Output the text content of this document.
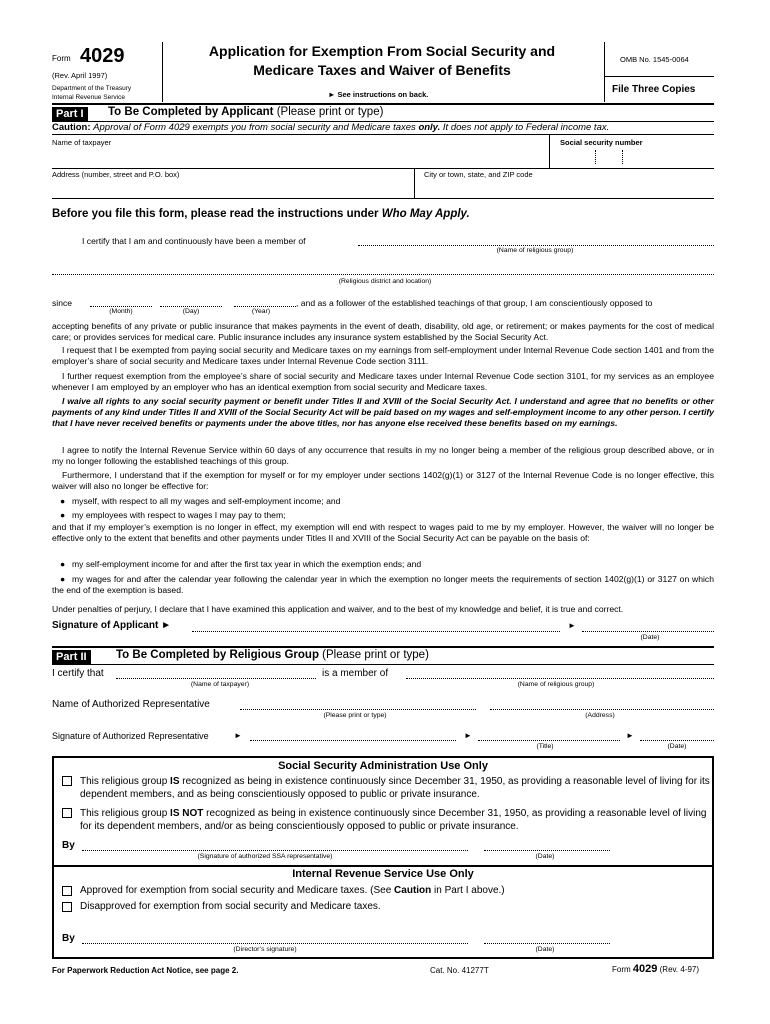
Form 4029
(Rev. April 1997)
Department of the Treasury
Internal Revenue Service
Application for Exemption From Social Security and
Medicare Taxes and Waiver of Benefits
► See instructions on back.
OMB No. 1545-0064
File Three Copies
Part I	To Be Completed by Applicant (Please print or type)
Caution: Approval of Form 4029 exempts you from social security and Medicare taxes only. It does not apply to Federal income tax.
Name of taxpayer	Social security number
Address (number, street and P.O. box)	City or town, state, and ZIP code
Before you file this form, please read the instructions under Who May Apply.
I certify that I am and continuously have been a member of
(Name of religious group)
(Religious district and location)
since
(Month)	(Day)	(Year)
, and as a follower of the established teachings of that group, I am conscientiously opposed to
accepting benefits of any private or public insurance that makes payments in the event of death, disability, old age, or retirement; or makes payments for the cost of medical care; or provides services for medical care. Public insurance includes any insurance system established by the Social Security Act.
I request that I be exempted from paying social security and Medicare taxes on my earnings from self-employment under Internal Revenue Code section 1401 and from the employer’s share of social security and Medicare taxes under Internal Revenue Code section 3111.
I further request exemption from the employee’s share of social security and Medicare taxes under Internal Revenue Code section 3101, for my services as an employee whenever I am employed by an employer who has an identical exemption from social security and Medicare taxes.
I waive all rights to any social security payment or benefit under Titles II and XVIII of the Social Security Act. I understand and agree that no benefits or other payments of any kind under Titles II and XVIII of the Social Security Act will be paid based on my wages and self-employment income to any other person. I certify that I have never received benefits or payments under the above titles, nor has anyone else received these benefits based on my earnings.
I agree to notify the Internal Revenue Service within 60 days of any occurrence that results in my no longer being a member of the religious group described above, or in my no longer following the established teachings of this group.
Furthermore, I understand that if the exemption for myself or for my employer under sections 1402(g)(1) or 3127 of the Internal Revenue Code is no longer effective, this waiver will also no longer be effective for:
● myself, with respect to all my wages and self-employment income; and
● my employees with respect to wages I may pay to them;
and that if my employer’s exemption is no longer in effect, my exemption will end with respect to wages paid to me by my employer. However, the waiver will no longer be effective only to the extent that benefits and other payments under Titles II and XVIII of the Social Security Act can be payable on the basis of:
● my self-employment income for and after the first tax year in which the exemption ends; and
● my wages for and after the calendar year following the calendar year in which the exemption no longer meets the requirements of section 1402(g)(1) or 3127 on which the end of the exemption is based.
Under penalties of perjury, I declare that I have examined this application and waiver, and to the best of my knowledge and belief, it is true and correct.
Signature of Applicant ►	►
(Date)
Part II	To Be Completed by Religious Group (Please print or type)
I certify that	is a member of
(Name of taxpayer)	(Name of religious group)
Name of Authorized Representative
(Please print or type)	(Address)
Signature of Authorized Representative	►	►	►
(Title)	(Date)
Social Security Administration Use Only
This religious group IS recognized as being in existence continuously since December 31, 1950, as providing a reasonable level of living for its dependent members, and as being conscientiously opposed to public or private insurance.
This religious group IS NOT recognized as being in existence continuously since December 31, 1950, as providing a reasonable level of living for its dependent members, and/or as being conscientiously opposed to public or private insurance.
By
(Signature of authorized SSA representative)	(Date)
Internal Revenue Service Use Only
Approved for exemption from social security and Medicare taxes. (See Caution in Part I above.)
Disapproved for exemption from social security and Medicare taxes.
By
(Director’s signature)	(Date)
For Paperwork Reduction Act Notice, see page 2.	Cat. No. 41277T	Form 4029 (Rev. 4-97)
